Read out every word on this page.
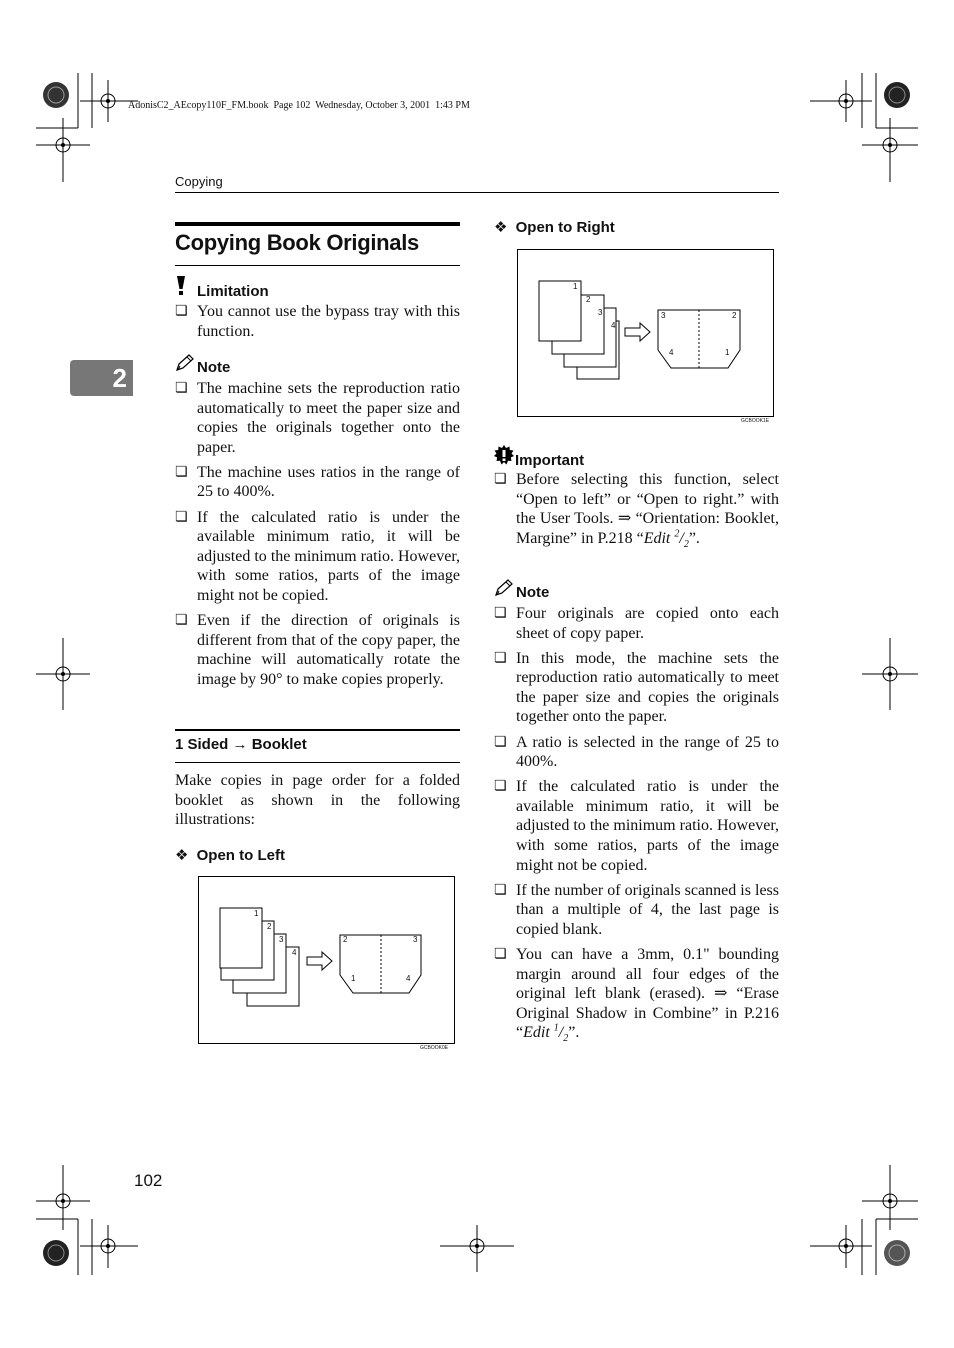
AdonisC2_AEcopy110F_FM.book  Page 102  Wednesday, October 3, 2001  1:43 PM
Copying
2
Copying Book Originals
Limitation
❏ You cannot use the bypass tray with this function.
Note
❏ The machine sets the reproduction ratio automatically to meet the paper size and copies the originals together onto the paper.
❏ The machine uses ratios in the range of 25 to 400%.
❏ If the calculated ratio is under the available minimum ratio, it will be adjusted to the minimum ratio. However, with some ratios, parts of the image might not be copied.
❏ Even if the direction of originals is different from that of the copy paper, the machine will automatically rotate the image by 90° to make copies properly.
1 Sided → Booklet
Make copies in page order for a folded booklet as shown in the following illustrations:
❖ Open to Left
1
2
3
4
2	3
1	4
GCBOOK0E
❖ Open to Right
1
2
3
4
3	2
4	1
GCBOOK1E
Important
❏ Before selecting this function, select “Open to left” or “Open to right.” with the User Tools. ⇒ “Orientation: Booklet, Margine” in P.218 “Edit $^2/_2$”.
Note
❏ Four originals are copied onto each sheet of copy paper.
❏ In this mode, the machine sets the reproduction ratio automatically to meet the paper size and copies the originals together onto the paper.
❏ A ratio is selected in the range of 25 to 400%.
❏ If the calculated ratio is under the available minimum ratio, it will be adjusted to the minimum ratio. However, with some ratios, parts of the image might not be copied.
❏ If the number of originals scanned is less than a multiple of 4, the last page is copied blank.
❏ You can have a 3mm, 0.1" bounding margin around all four edges of the original left blank (erased). ⇒ “Erase Original Shadow in Combine” in P.216 “Edit $^1/_2$”.
102
